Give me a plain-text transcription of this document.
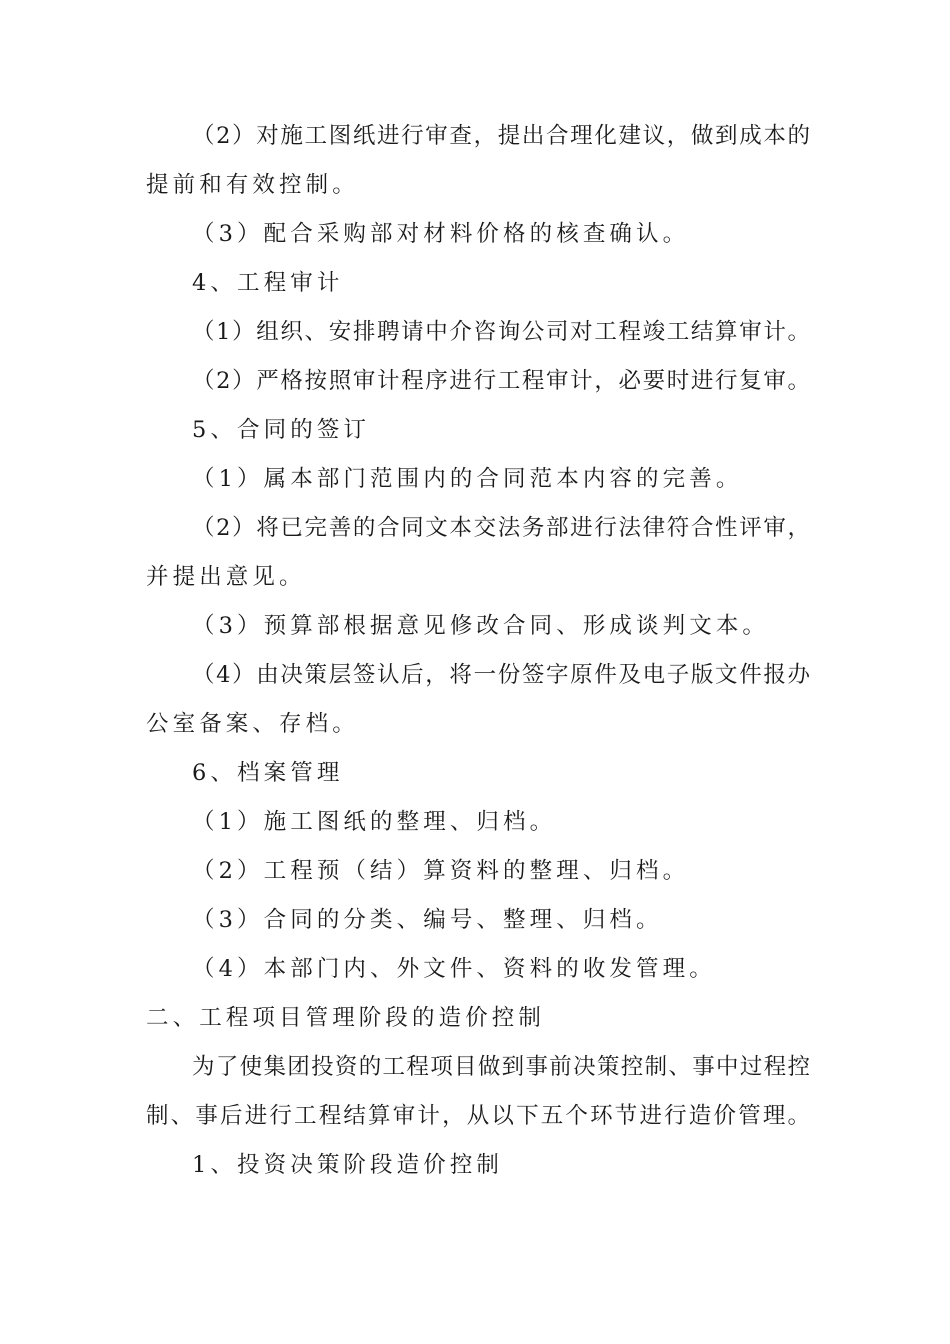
（2）对施工图纸进行审查，提出合理化建议，做到成本的
提前和有效控制。
（3）配合采购部对材料价格的核查确认。
4、工程审计
（1）组织、安排聘请中介咨询公司对工程竣工结算审计。
（2）严格按照审计程序进行工程审计，必要时进行复审。
5、合同的签订
（1）属本部门范围内的合同范本内容的完善。
（2）将已完善的合同文本交法务部进行法律符合性评审，
并提出意见。
（3）预算部根据意见修改合同、形成谈判文本。
（4）由决策层签认后，将一份签字原件及电子版文件报办
公室备案、存档。
6、档案管理
（1）施工图纸的整理、归档。
（2）工程预（结）算资料的整理、归档。
（3）合同的分类、编号、整理、归档。
（4）本部门内、外文件、资料的收发管理。
二、工程项目管理阶段的造价控制
为了使集团投资的工程项目做到事前决策控制、事中过程控
制、事后进行工程结算审计，从以下五个环节进行造价管理。
1、投资决策阶段造价控制
